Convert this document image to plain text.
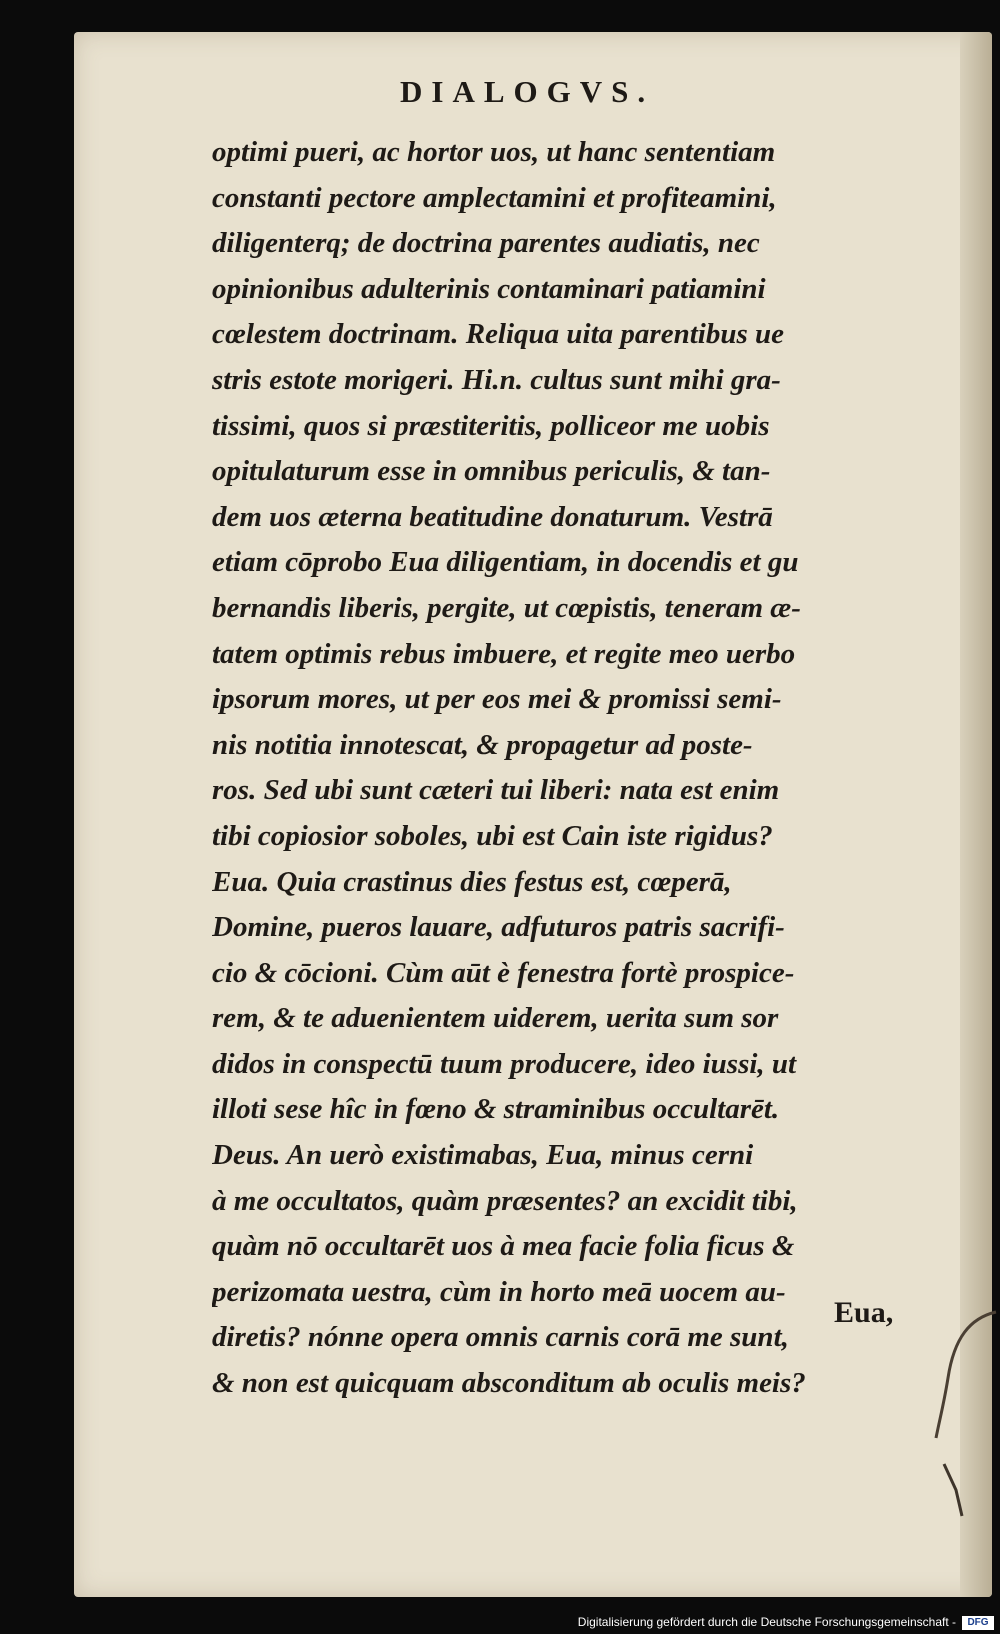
DIALOGVS.
optimi pueri, ac hortor uos, ut hanc sententiam
constanti pectore amplectamini et profiteamini,
diligenterq; de doctrina parentes audiatis, nec
opinionibus adulterinis contaminari patiamini
cœlestem doctrinam. Reliqua uita parentibus ue
stris estote morigeri. Hi.n. cultus sunt mihi gra-
tissimi, quos si præstiteritis, polliceor me uobis
opitulaturum esse in omnibus periculis, & tan-
dem uos æterna beatitudine donaturum. Vestrā
etiam cōprobo Eua diligentiam, in docendis et gu
bernandis liberis, pergite, ut cœpistis, teneram æ-
tatem optimis rebus imbuere, et regite meo uerbo
ipsorum mores, ut per eos mei & promissi semi-
nis notitia innotescat, & propagetur ad poste-
ros. Sed ubi sunt cæteri tui liberi: nata est enim
tibi copiosior soboles, ubi est Cain iste rigidus?
Eua. Quia crastinus dies festus est, cœperā,
Domine, pueros lauare, adfuturos patris sacrifi-
cio & cōcioni. Cùm aūt è fenestra fortè prospice-
rem, & te aduenientem uiderem, uerita sum sor
didos in conspectū tuum producere, ideo iussi, ut
illoti sese hîc in fœno & straminibus occultarēt.
Deus. An uerò existimabas, Eua, minus cerni
à me occultatos, quàm præsentes? an excidit tibi,
quàm nō occultarēt uos à mea facie folia ficus &
perizomata uestra, cùm in horto meā uocem au-
diretis? nónne opera omnis carnis corā me sunt,
& non est quicquam absconditum ab oculis meis?
Eua,
Digitalisierung gefördert durch die Deutsche Forschungsgemeinschaft -	DFG
